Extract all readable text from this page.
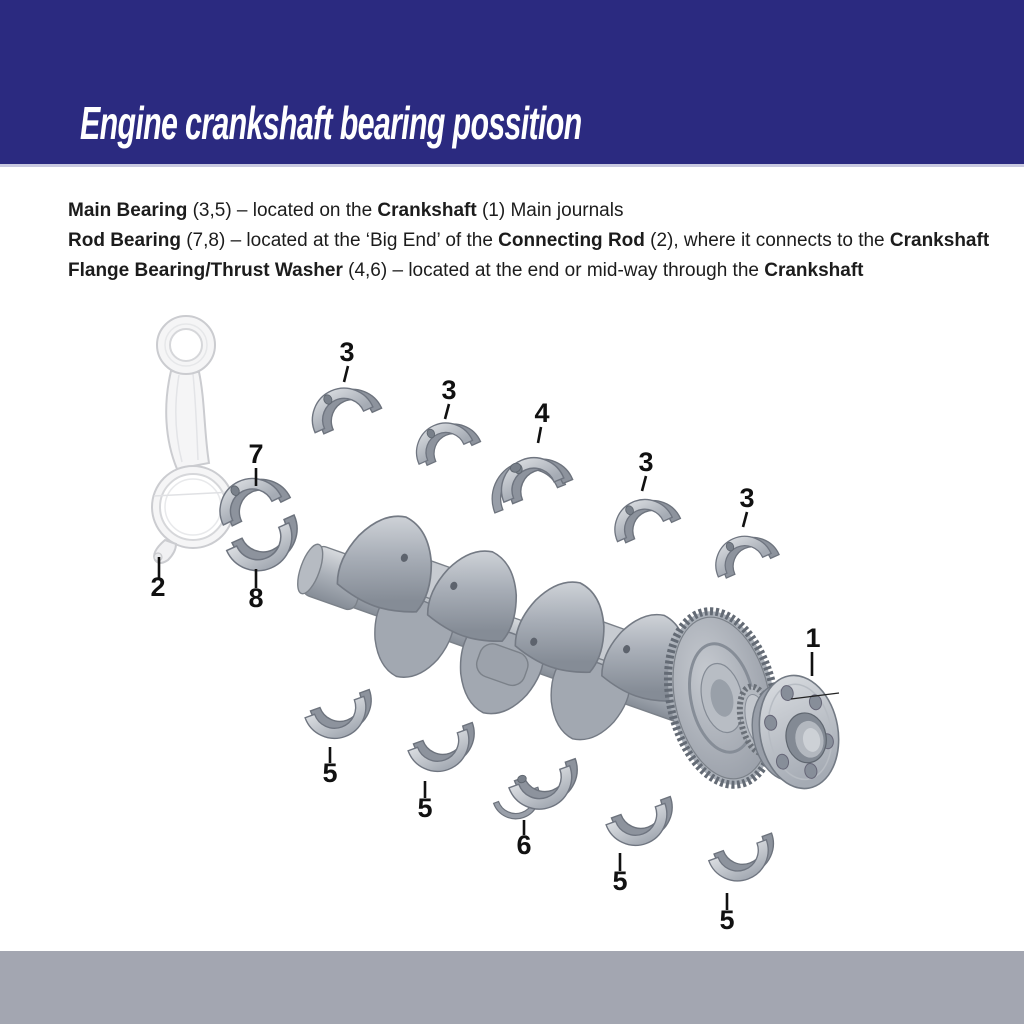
Engine crankshaft bearing possition

Main Bearing (3,5) – located on the Crankshaft (1) Main journals

Rod Bearing (7,8) – located at the ‘Big End’ of the Connecting Rod (2), where it connects to the Crankshaft

Flange Bearing/Thrust Washer (4,6) – located at the end or mid-way through the Crankshaft

1
2
3
3
3
3
4
5
5
5
5
6
7
8
